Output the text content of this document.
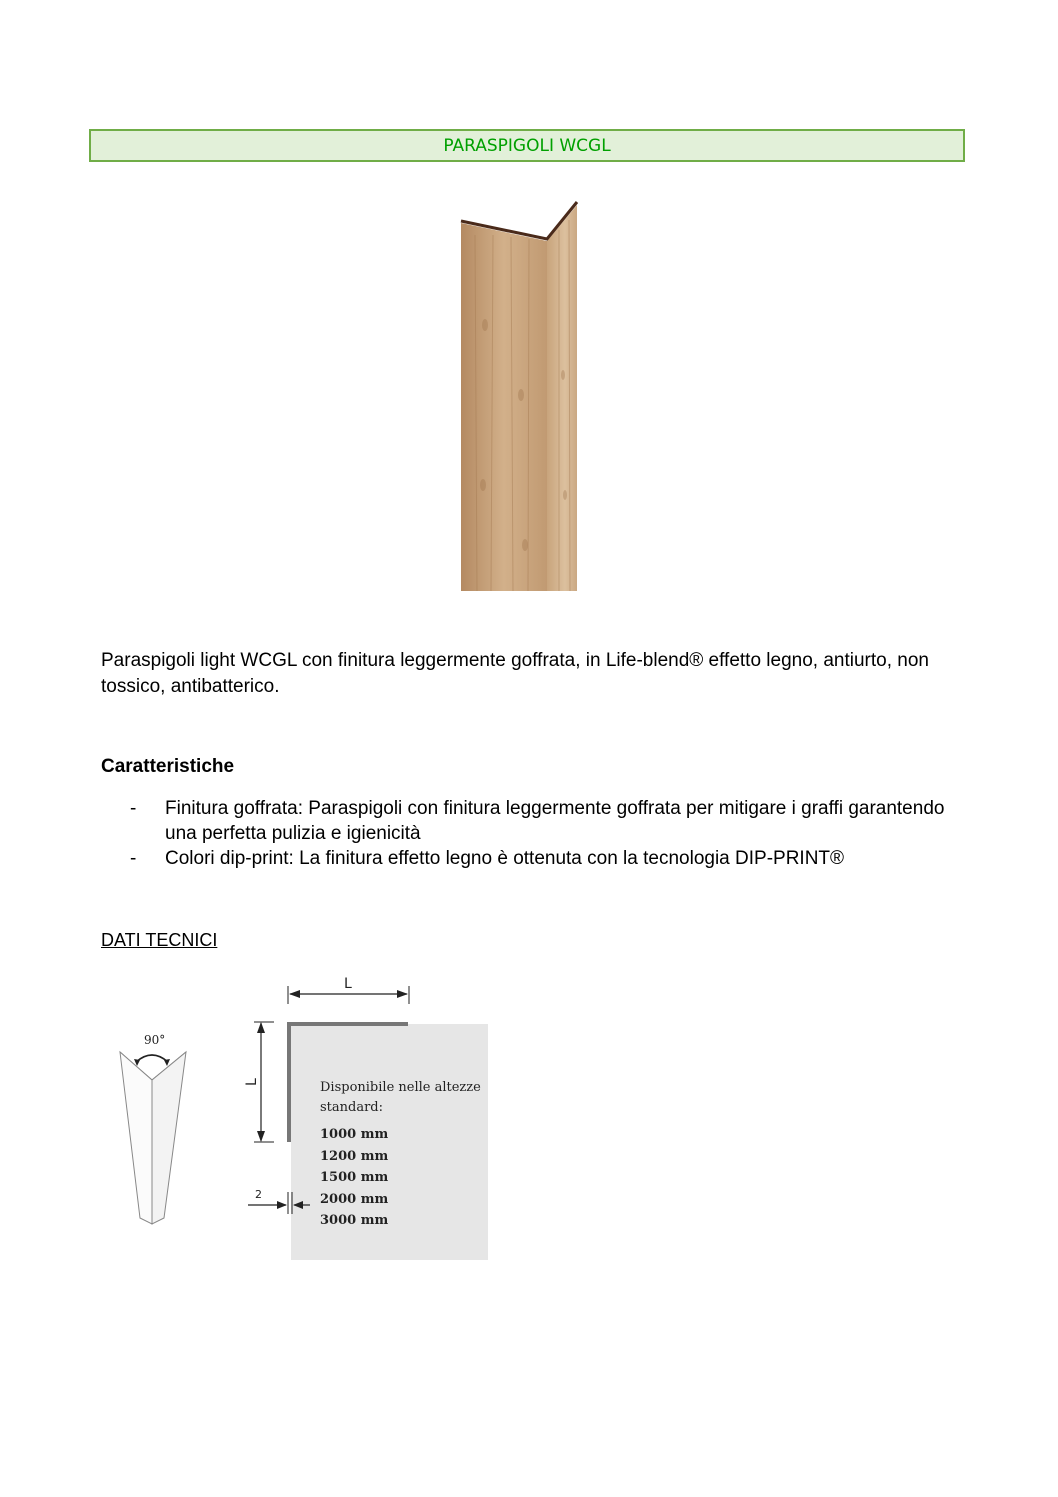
PARASPIGOLI WCGL
Paraspigoli light WCGL con finitura leggermente goffrata, in Life-blend® effetto legno, antiurto, non tossico, antibatterico.
Caratteristiche
- Finitura goffrata: Paraspigoli con finitura leggermente goffrata per mitigare i graffi garantendo una perfetta pulizia e igienicità
- Colori dip-print: La finitura effetto legno è ottenuta con la tecnologia DIP-PRINT®
DATI TECNICI
90°
L
L
2
Disponibile nelle altezze
standard:
1000 mm
1200 mm
1500 mm
2000 mm
3000 mm
